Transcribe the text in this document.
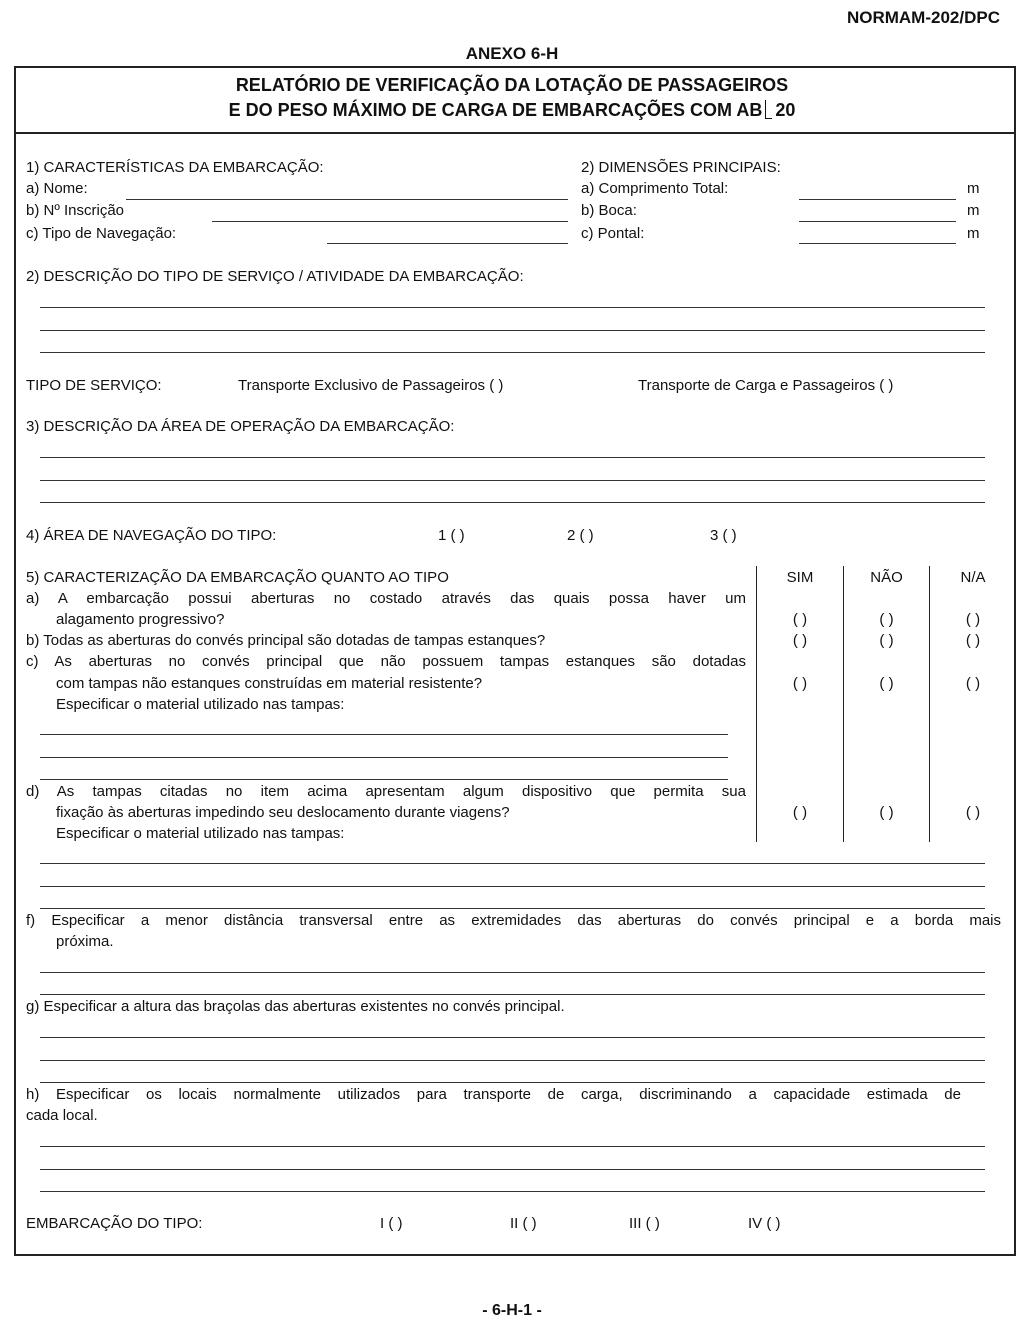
NORMAM-202/DPC
ANEXO 6-H
RELATÓRIO DE VERIFICAÇÃO DA LOTAÇÃO DE PASSAGEIROS
E DO PESO MÁXIMO DE CARGA DE EMBARCAÇÕES COM AB 20
1) CARACTERÍSTICAS DA EMBARCAÇÃO:
a) Nome:
b) Nº Inscrição
c) Tipo de Navegação:
2) DIMENSÕES PRINCIPAIS:
a) Comprimento Total:	m
b) Boca:	m
c) Pontal:	m
2) DESCRIÇÃO DO TIPO DE SERVIÇO / ATIVIDADE DA EMBARCAÇÃO:
TIPO DE SERVIÇO:	Transporte Exclusivo de Passageiros ( )	Transporte de Carga e Passageiros ( )
3) DESCRIÇÃO DA ÁREA DE OPERAÇÃO DA EMBARCAÇÃO:
4) ÁREA DE NAVEGAÇÃO DO TIPO:	1 ( )	2 ( )	3 ( )
5) CARACTERIZAÇÃO DA EMBARCAÇÃO QUANTO AO TIPO	SIM	NÃO	N/A
a) A embarcação possui aberturas no costado através das quais possa haver um
alagamento progressivo?	( )	( )	( )
b) Todas as aberturas do convés principal são dotadas de tampas estanques?	( )	( )	( )
c) As aberturas no convés principal que não possuem tampas estanques são dotadas
com tampas não estanques construídas em material resistente?	( )	( )	( )
Especificar o material utilizado nas tampas:
d) As tampas citadas no item acima apresentam algum dispositivo que permita sua
fixação às aberturas impedindo seu deslocamento durante viagens?	( )	( )	( )
Especificar o material utilizado nas tampas:
f) Especificar a menor distância transversal entre as extremidades das aberturas do convés principal e a borda mais
próxima.
g) Especificar a altura das braçolas das aberturas existentes no convés principal.
h) Especificar os locais normalmente utilizados para transporte de carga, discriminando a capacidade estimada de
cada local.
EMBARCAÇÃO DO TIPO:	I ( )	II ( )	III ( )	IV ( )
- 6-H-1 -
